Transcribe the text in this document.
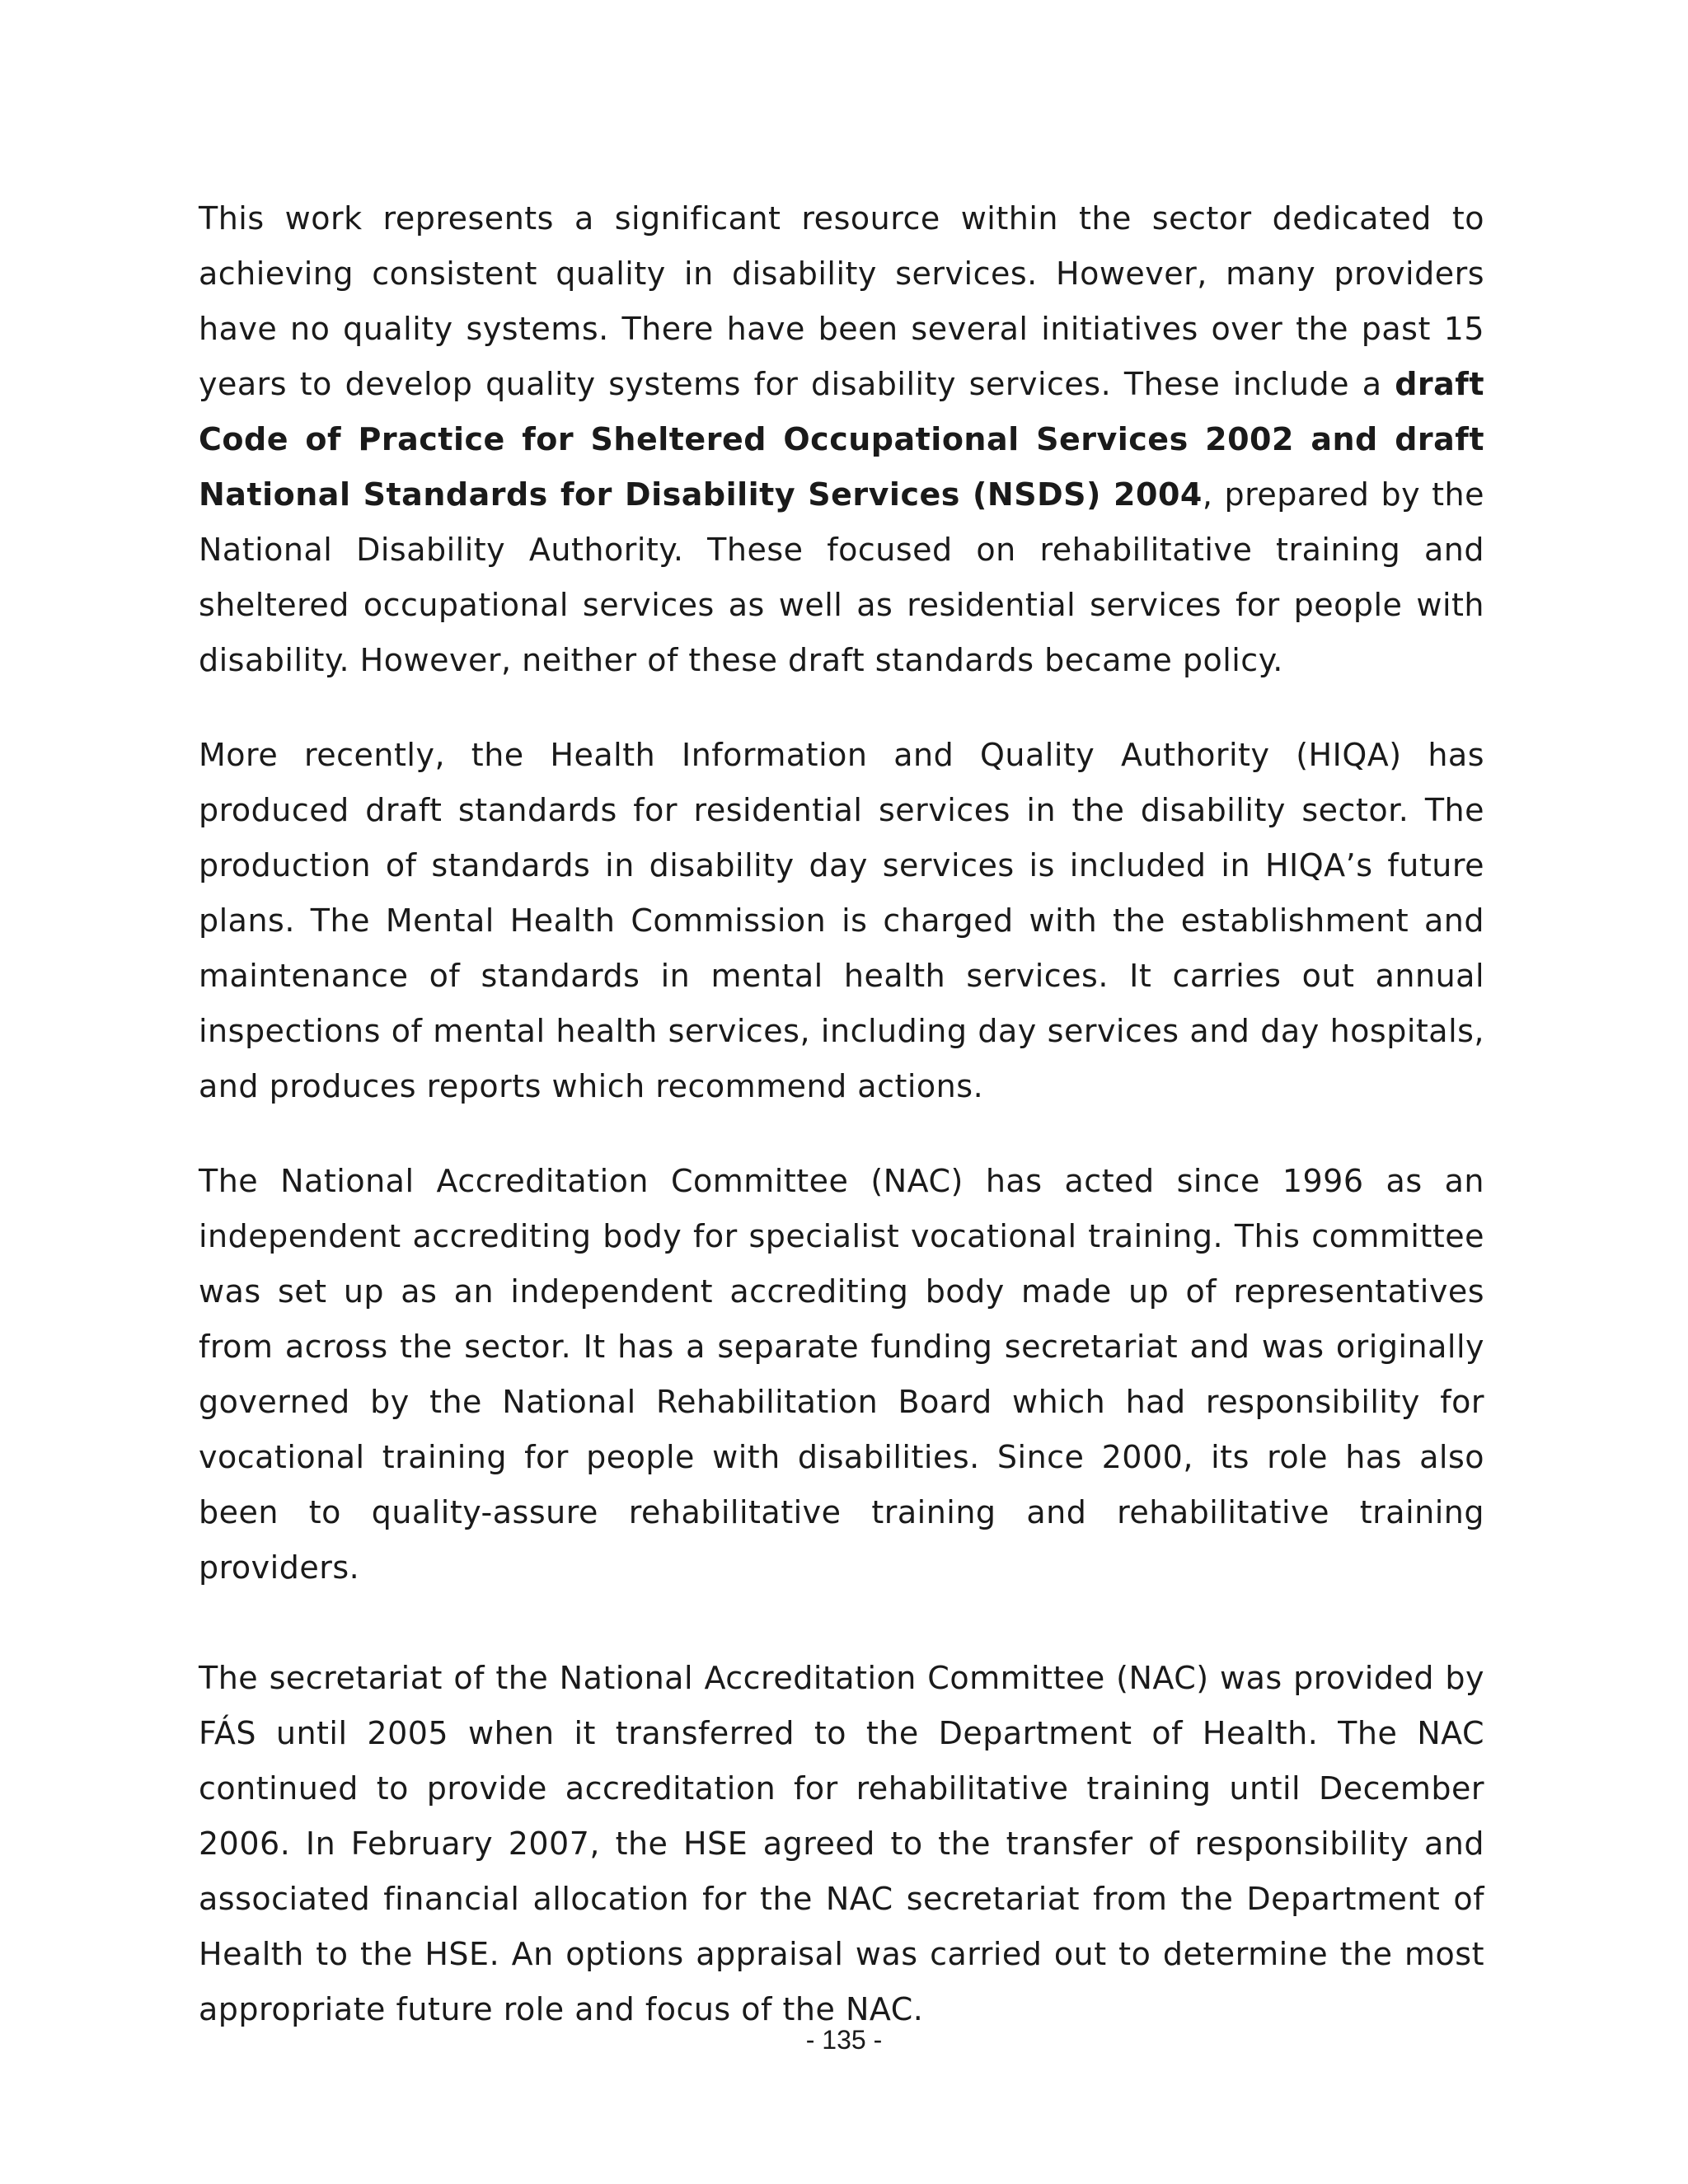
This work represents a significant resource within the sector dedicated to achieving consistent quality in disability services. However, many providers have no quality systems. There have been several initiatives over the past 15 years to develop quality systems for disability services. These include a draft Code of Practice for Sheltered Occupational Services 2002 and draft National Standards for Disability Services (NSDS) 2004, prepared by the National Disability Authority. These focused on rehabilitative training and sheltered occupational services as well as residential services for people with disability. However, neither of these draft standards became policy.

More recently, the Health Information and Quality Authority (HIQA) has produced draft standards for residential services in the disability sector. The production of standards in disability day services is included in HIQA’s future plans. The Mental Health Commission is charged with the establishment and maintenance of standards in mental health services. It carries out annual inspections of mental health services, including day services and day hospitals, and produces reports which recommend actions.

The National Accreditation Committee (NAC) has acted since 1996 as an independent accrediting body for specialist vocational training. This committee was set up as an independent accrediting body made up of representatives from across the sector. It has a separate funding secretariat and was originally governed by the National Rehabilitation Board which had responsibility for vocational training for people with disabilities. Since 2000, its role has also been to quality-assure rehabilitative training and rehabilitative training providers.

The secretariat of the National Accreditation Committee (NAC) was provided by FÁS until 2005 when it transferred to the Department of Health. The NAC continued to provide accreditation for rehabilitative training until December 2006. In February 2007, the HSE agreed to the transfer of responsibility and associated financial allocation for the NAC secretariat from the Department of Health to the HSE. An options appraisal was carried out to determine the most appropriate future role and focus of the NAC.

- 135 -
